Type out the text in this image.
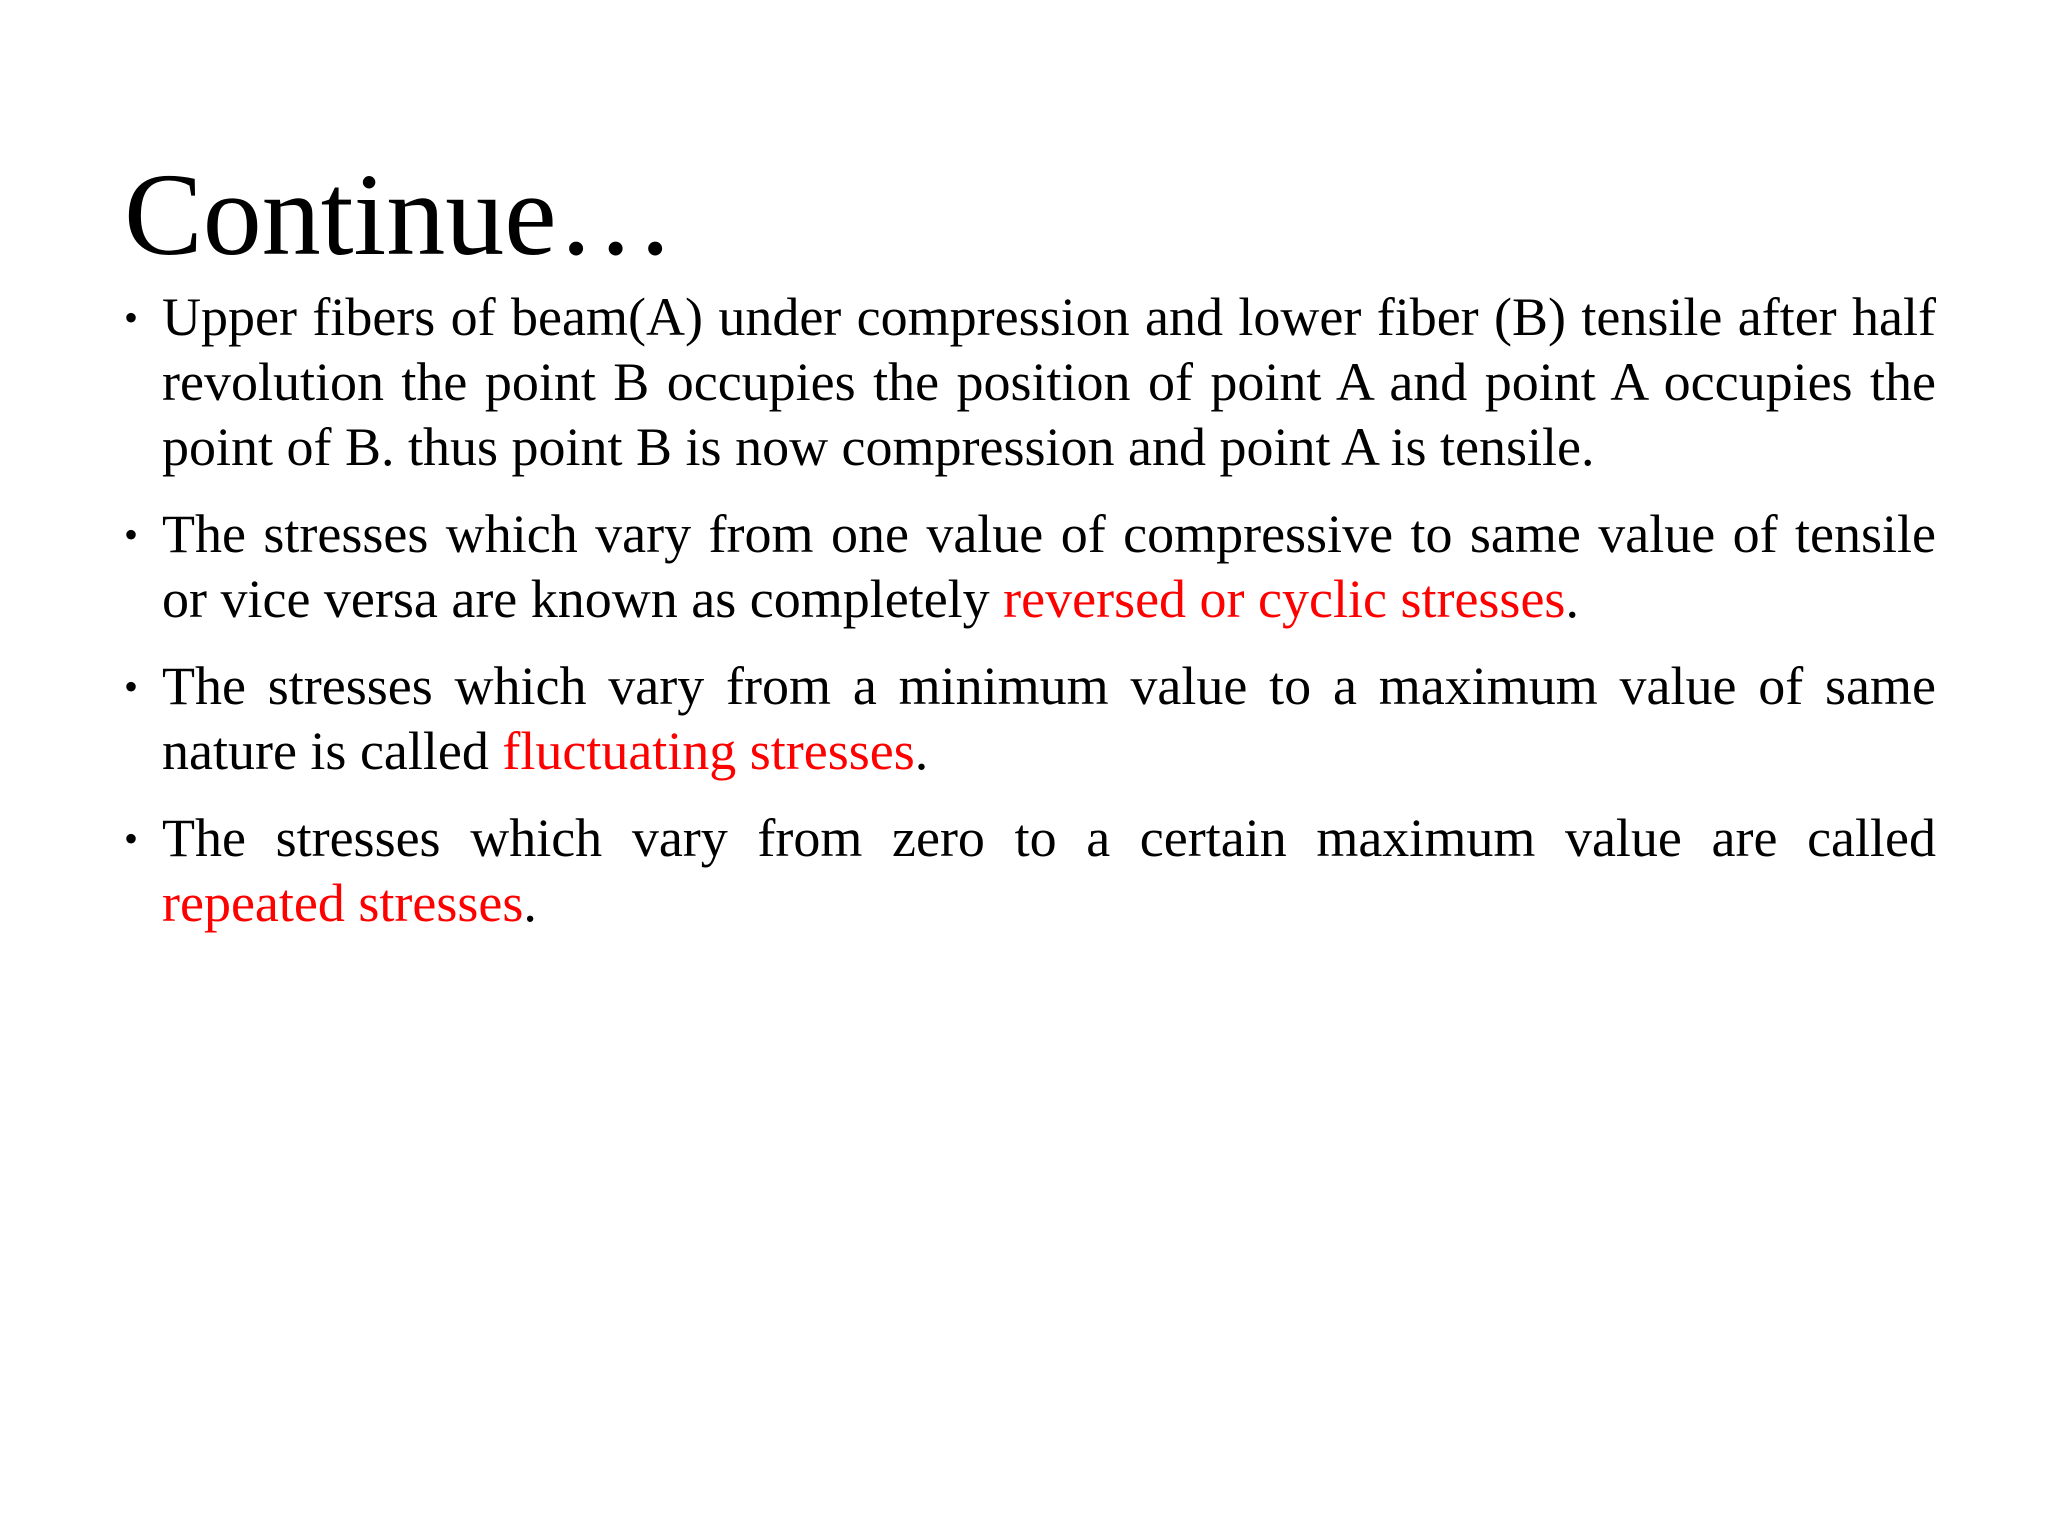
Continue…
• Upper fibers of beam(A) under compression and lower fiber (B) tensile after half revolution the point B occupies the position of point A and point A occupies the point of B. thus point B is now compression and point A is tensile.
• The stresses which vary from one value of compressive to same value of tensile or vice versa are known as completely reversed or cyclic stresses.
• The stresses which vary from a minimum value to a maximum value of same nature is called fluctuating stresses.
• The stresses which vary from zero to a certain maximum value are called repeated stresses.
